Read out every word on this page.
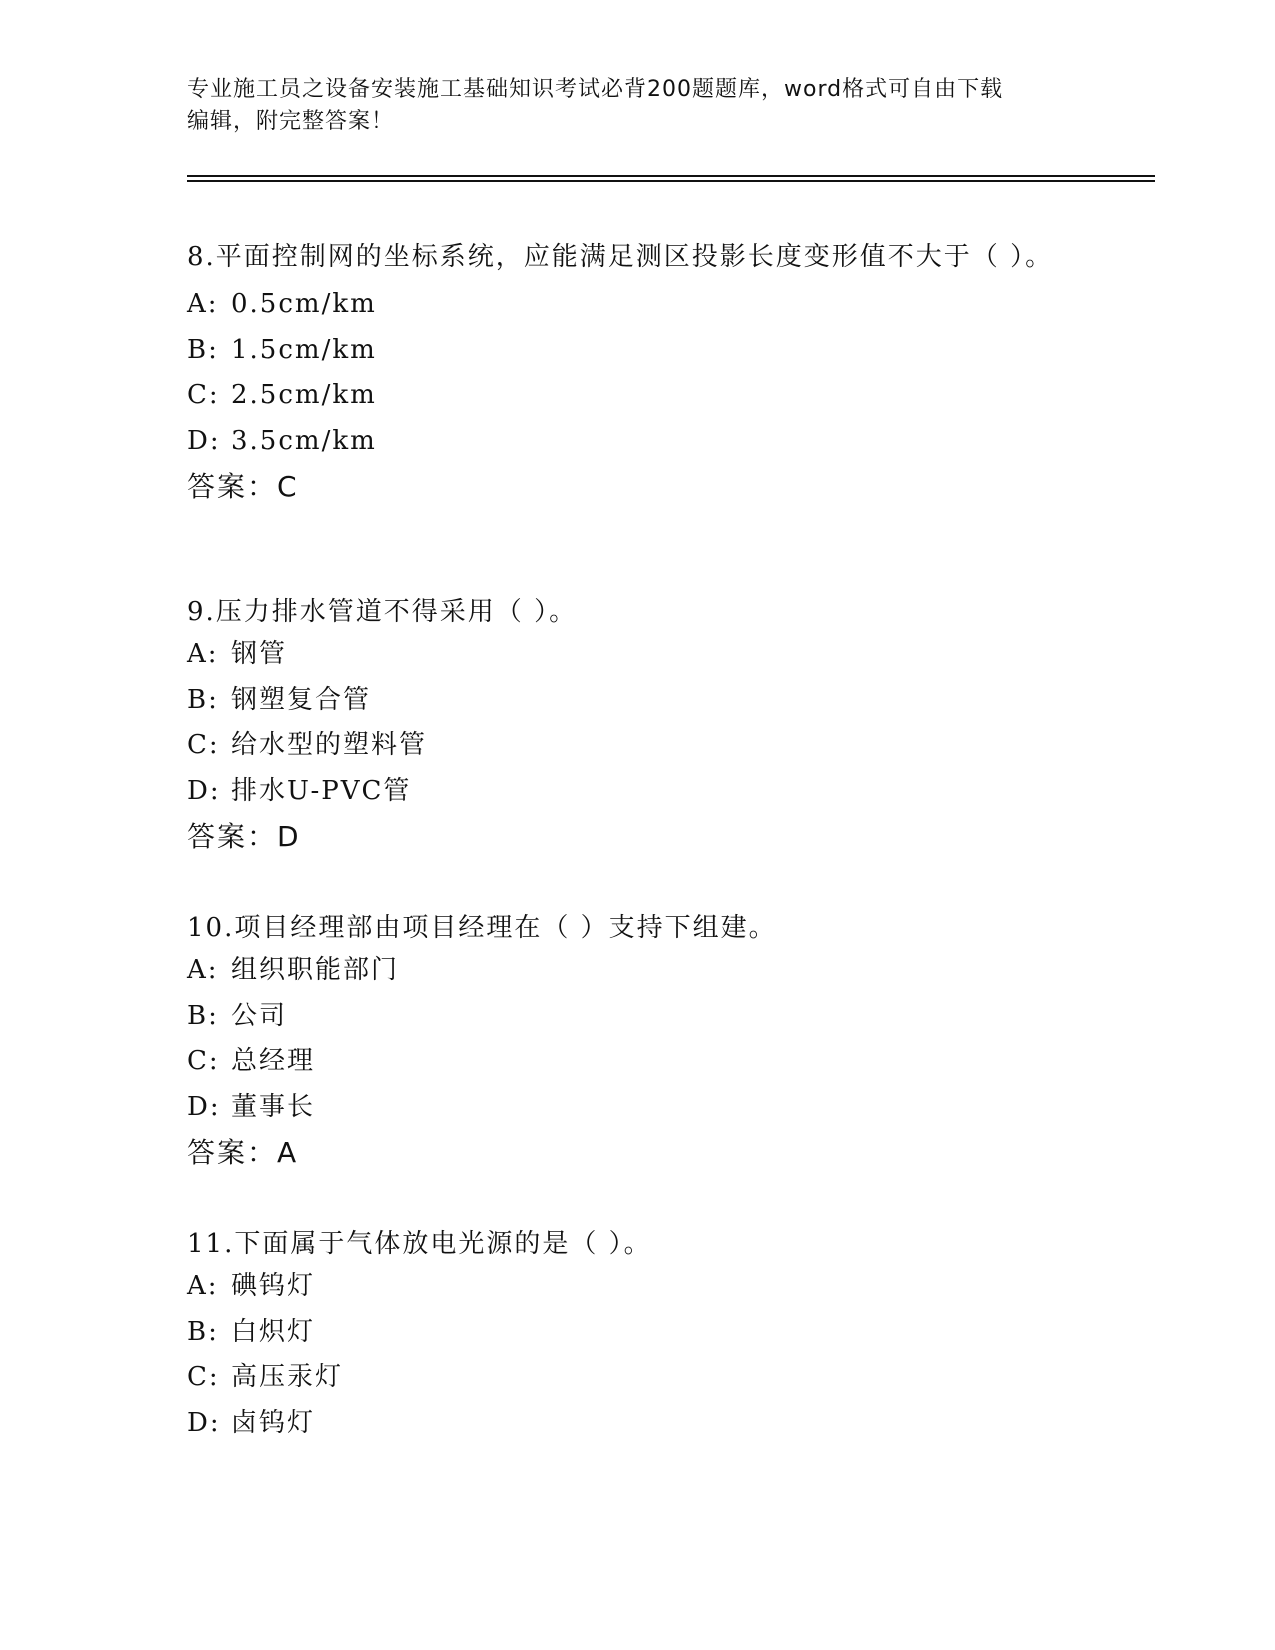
专业施工员之设备安装施工基础知识考试必背200题题库，word格式可自由下载
编辑，附完整答案！

8.平面控制网的坐标系统，应能满足测区投影长度变形值不大于（ ）。

A: 0.5cm/km
B: 1.5cm/km
C: 2.5cm/km
D: 3.5cm/km
答案：C

9.压力排水管道不得采用（ ）。

A: 钢管
B: 钢塑复合管
C: 给水型的塑料管
D: 排水U-PVC管
答案：D

10.项目经理部由项目经理在（ ）支持下组建。

A: 组织职能部门
B: 公司
C: 总经理
D: 董事长
答案：A

11.下面属于气体放电光源的是（ ）。

A: 碘钨灯
B: 白炽灯
C: 高压汞灯
D: 卤钨灯
